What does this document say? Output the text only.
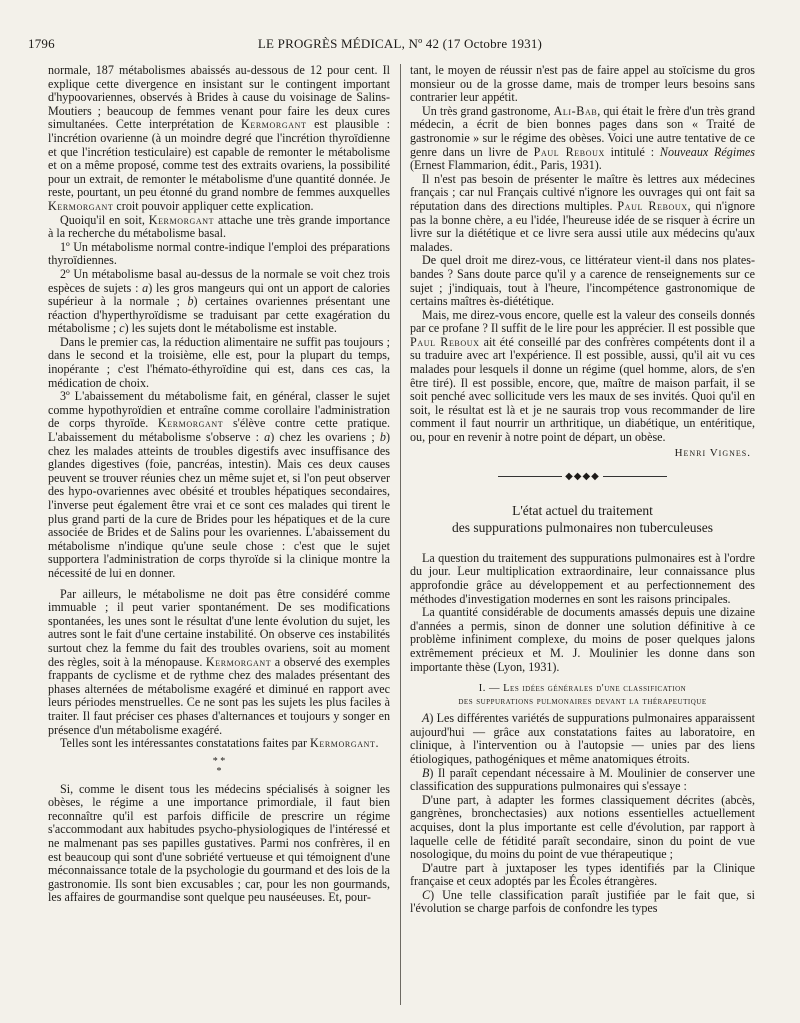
1796	LE PROGRÈS MÉDICAL, Nº 42 (17 Octobre 1931)

normale, 187 métabolismes abaissés au-dessous de 12 pour cent. Il explique cette divergence en insistant sur le contingent important d'hypoovariennes, observés à Brides à cause du voisinage de Salins-Moutiers ; beaucoup de femmes venant pour faire les deux cures simultanées. Cette interprétation de Kermorgant est plausible : l'incrétion ovarienne (à un moindre degré que l'incrétion thyroïdienne et que l'incrétion testiculaire) est capable de remonter le métabolisme et on a même proposé, comme test des extraits ovariens, la possibilité pour un extrait, de remonter le métabolisme d'une quantité donnée. Je reste, pourtant, un peu étonné du grand nombre de femmes auxquelles Kermorgant croit pouvoir appliquer cette explication.

Quoiqu'il en soit, Kermorgant attache une très grande importance à la recherche du métabolisme basal.

1º Un métabolisme normal contre-indique l'emploi des préparations thyroïdiennes.

2º Un métabolisme basal au-dessus de la normale se voit chez trois espèces de sujets : a) les gros mangeurs qui ont un apport de calories supérieur à la normale ; b) certaines ovariennes présentant une réaction d'hyperthyroïdisme se traduisant par cette exagération du métabolisme ; c) les sujets dont le métabolisme est instable.

Dans le premier cas, la réduction alimentaire ne suffit pas toujours ; dans le second et la troisième, elle est, pour la plupart du temps, inopérante ; c'est l'hémato-éthyroïdine qui est, dans ces cas, la médication de choix.

3º L'abaissement du métabolisme fait, en général, classer le sujet comme hypothyroïdien et entraîne comme corollaire l'administration de corps thyroïde. Kermorgant s'élève contre cette pratique. L'abaissement du métabolisme s'observe : a) chez les ovariens ; b) chez les malades atteints de troubles digestifs avec insuffisance des glandes digestives (foie, pancréas, intestin). Mais ces deux causes peuvent se trouver réunies chez un même sujet et, si l'on peut observer des hypo-ovariennes avec obésité et troubles hépatiques secondaires, l'inverse peut également être vrai et ce sont ces malades qui tirent le plus grand parti de la cure de Brides pour les hépatiques et de la cure associée de Brides et de Salins pour les ovariennes. L'abaissement du métabolisme n'indique qu'une seule chose : c'est que le sujet supportera l'administration de corps thyroïde si la clinique montre la nécessité de lui en donner.

Par ailleurs, le métabolisme ne doit pas être considéré comme immuable ; il peut varier spontanément. De ses modifications spontanées, les unes sont le résultat d'une lente évolution du sujet, les autres sont le fait d'une certaine instabilité. On observe ces instabilités surtout chez la femme du fait des troubles ovariens, soit au moment des règles, soit à la ménopause. Kermorgant a observé des exemples frappants de cyclisme et de rythme chez des malades présentant des phases alternées de métabolisme exagéré et diminué en rapport avec leurs périodes menstruelles. Ce ne sont pas les sujets les plus faciles à traiter. Il faut préciser ces phases d'alternances et toujours y songer en présence d'un métabolisme exagéré.

Telles sont les intéressantes constatations faites par Kermorgant.

* *
*

Si, comme le disent tous les médecins spécialisés à soigner les obèses, le régime a une importance primordiale, il faut bien reconnaître qu'il est parfois difficile de prescrire un régime s'accommodant aux habitudes psycho-physiologiques de l'intéressé et ne malmenant pas ses papilles gustatives. Parmi nos confrères, il en est beaucoup qui sont d'une sobriété vertueuse et qui témoignent d'une méconnaissance totale de la psychologie du gourmand et des lois de la gastronomie. Ils sont bien excusables ; car, pour les non gourmands, les affaires de gourmandise sont quelque peu nauséeuses. Et, pour-

tant, le moyen de réussir n'est pas de faire appel au stoïcisme du gros monsieur ou de la grosse dame, mais de tromper leurs besoins sans contrarier leur appétit.

Un très grand gastronome, Ali-Bab, qui était le frère d'un très grand médecin, a écrit de bien bonnes pages dans son « Traité de gastronomie » sur le régime des obèses. Voici une autre tentative de ce genre dans un livre de Paul Reboux intitulé : Nouveaux Régimes (Ernest Flammarion, édit., Paris, 1931).

Il n'est pas besoin de présenter le maître ès lettres aux médecines français ; car nul Français cultivé n'ignore les ouvrages qui ont fait sa réputation dans des directions multiples. Paul Reboux, qui n'ignore pas la bonne chère, a eu l'idée, l'heureuse idée de se risquer à écrire un livre sur la diététique et ce livre sera aussi utile aux médecins qu'aux malades.

De quel droit me direz-vous, ce littérateur vient-il dans nos plates-bandes ? Sans doute parce qu'il y a carence de renseignements sur ce sujet ; j'indiquais, tout à l'heure, l'incompétence gastronomique de certains maîtres ès-diététique.

Mais, me direz-vous encore, quelle est la valeur des conseils donnés par ce profane ? Il suffit de le lire pour les apprécier. Il est possible que Paul Reboux ait été conseillé par des confrères compétents dont il a su traduire avec art l'expérience. Il est possible, aussi, qu'il ait vu ces malades pour lesquels il donne un régime (quel homme, alors, de s'en être tiré). Il est possible, encore, que, maître de maison parfait, il se soit penché avec sollicitude vers les maux de ses invités. Quoi qu'il en soit, le résultat est là et je ne saurais trop vous recommander de lire comment il faut nourrir un arthritique, un diabétique, un entéritique, ou, pour en revenir à notre point de départ, un obèse.

Henri Vignes.
◆◆◆◆
L'état actuel du traitement
des suppurations pulmonaires non tuberculeuses

La question du traitement des suppurations pulmonaires est à l'ordre du jour. Leur multiplication extraordinaire, leur connaissance plus approfondie grâce au développement et au perfectionnement des méthodes d'investigation modernes en sont les raisons principales.

La quantité considérable de documents amassés depuis une dizaine d'années a permis, sinon de donner une solution définitive à ce problème infiniment complexe, du moins de poser quelques jalons extrêmement précieux et M. J. Moulinier les donne dans son importante thèse (Lyon, 1931).

I. — Les idées générales d'une classification
des suppurations pulmonaires devant la thérapeutique

A) Les différentes variétés de suppurations pulmonaires apparaissent aujourd'hui — grâce aux constatations faites au laboratoire, en clinique, à l'intervention ou à l'autopsie — unies par des liens étiologiques, pathogéniques et même anatomiques étroits.

B) Il paraît cependant nécessaire à M. Moulinier de conserver une classification des suppurations pulmonaires qui s'essaye :

D'une part, à adapter les formes classiquement décrites (abcès, gangrènes, bronchectasies) aux notions essentielles actuellement acquises, dont la plus importante est celle d'évolution, par rapport à laquelle celle de fétidité paraît secondaire, sinon du point de vue nosologique, du moins du point de vue thérapeutique ;

D'autre part à juxtaposer les types identifiés par la Clinique française et ceux adoptés par les Écoles étrangères.

C) Une telle classification paraît justifiée par le fait que, si l'évolution se charge parfois de confondre les types
